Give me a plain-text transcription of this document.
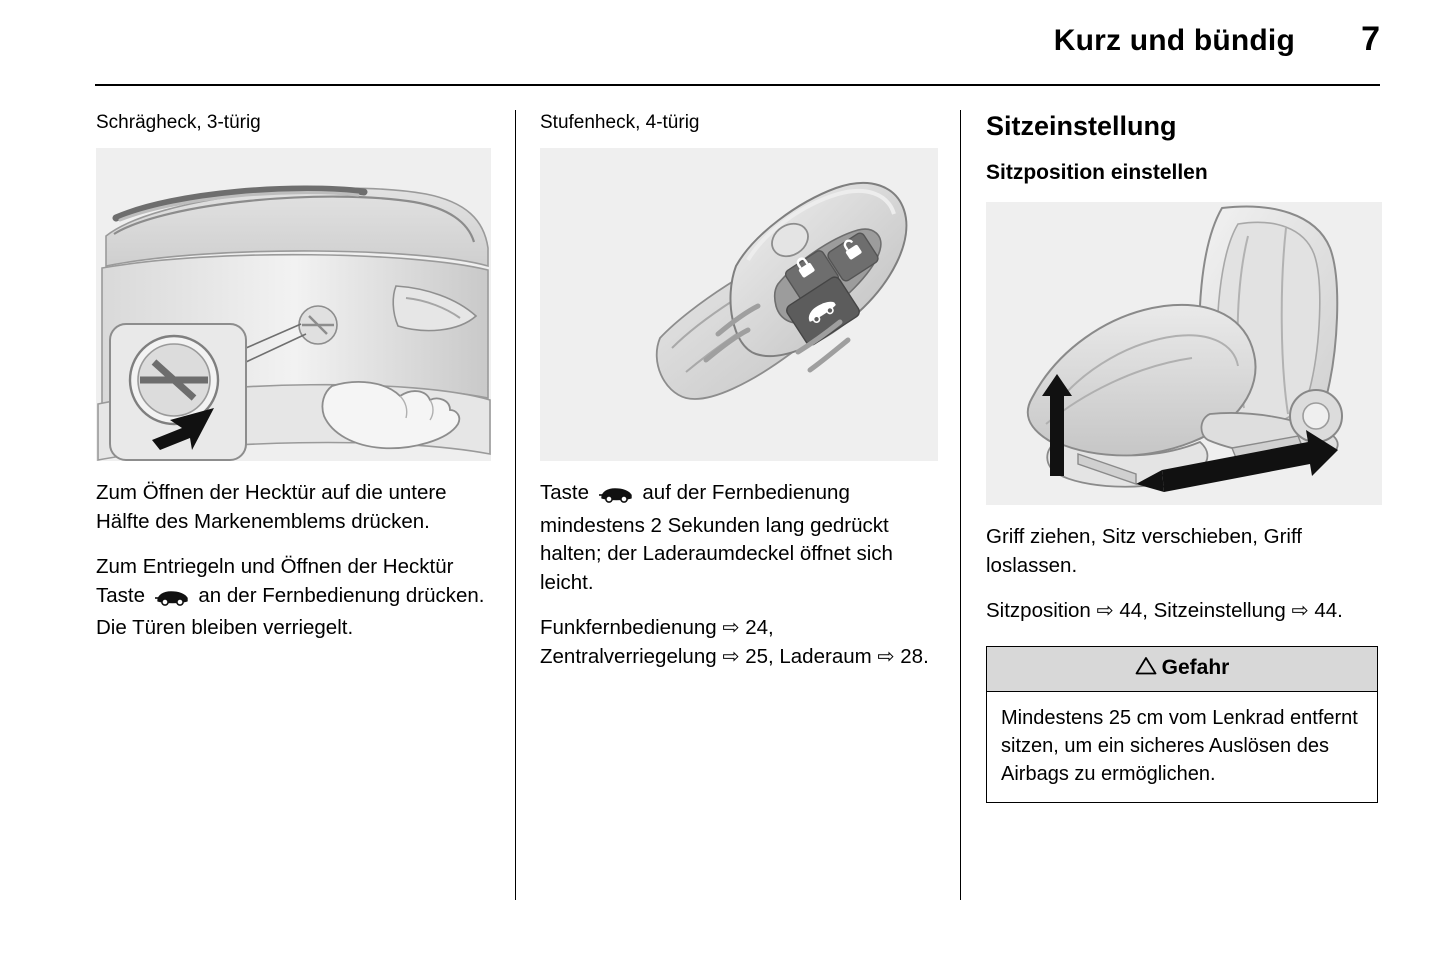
Kurz und bündig 7

Schrägheck, 3-türig

Zum Öffnen der Hecktür auf die untere Hälfte des Markenemblems drücken.

Zum Entriegeln und Öffnen der Hecktür Taste	an der Fernbedienung drücken. Die Türen bleiben verriegelt.

Stufenheck, 4-türig

Taste	auf der Fernbedienung mindestens 2 Sekunden lang gedrückt halten; der Laderaumdeckel öffnet sich leicht.

Funkfernbedienung ⇨ 24, Zentralverriegelung ⇨ 25, Laderaum ⇨ 28.

Sitzeinstellung
Sitzposition einstellen

Griff ziehen, Sitz verschieben, Griff loslassen.

Sitzposition ⇨ 44, Sitzeinstellung ⇨ 44.

Gefahr
Mindestens 25 cm vom Lenkrad entfernt sitzen, um ein sicheres Auslösen des Airbags zu ermöglichen.
